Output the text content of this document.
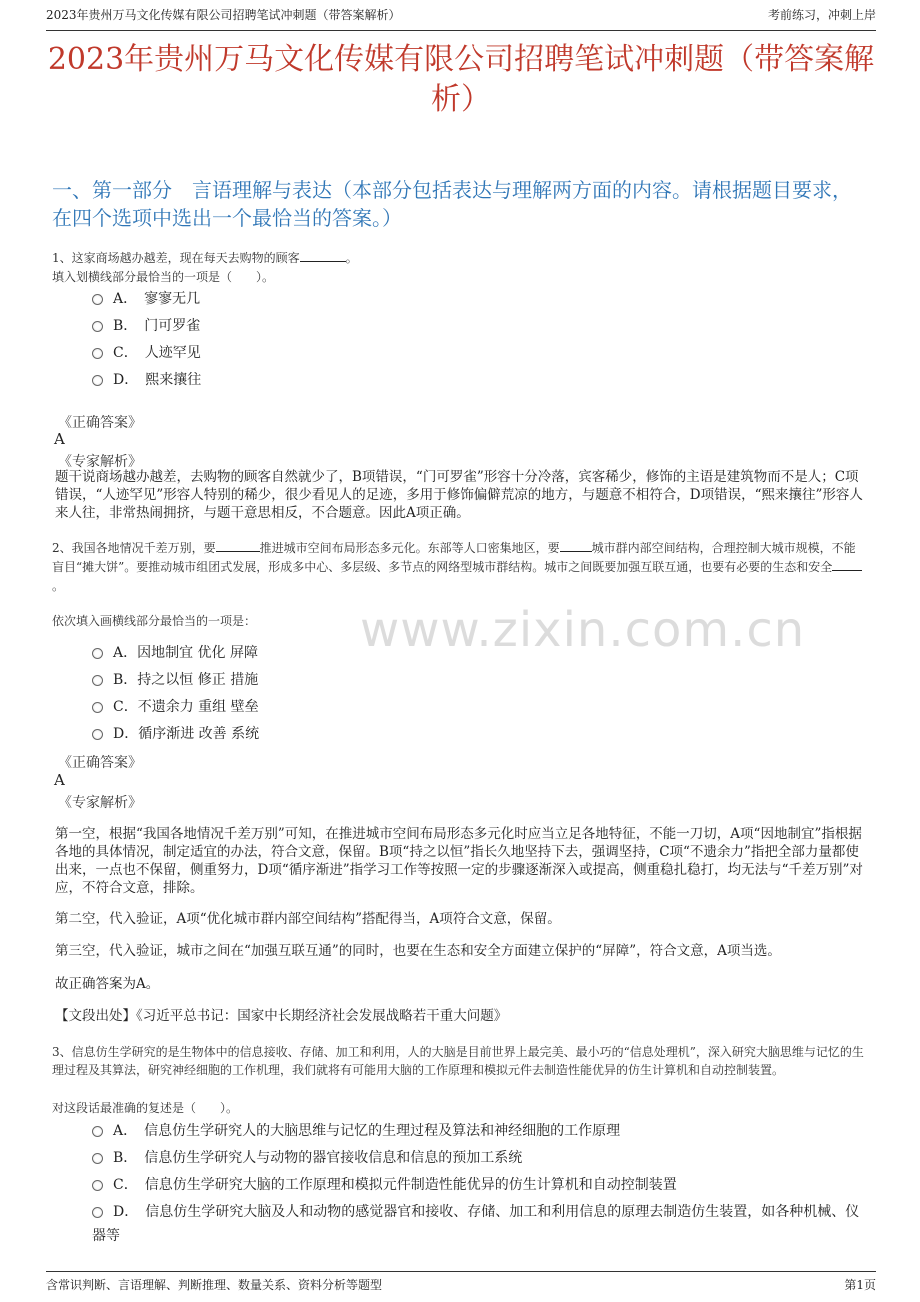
2023年贵州万马文化传媒有限公司招聘笔试冲刺题（带答案解析）	考前练习，冲刺上岸
2023年贵州万马文化传媒有限公司招聘笔试冲刺题（带答案解析）
一、第一部分　言语理解与表达（本部分包括表达与理解两方面的内容。请根据题目要求，在四个选项中选出一个最恰当的答案。）
1、这家商场越办越差，现在每天去购物的顾客	。
填入划横线部分最恰当的一项是（　　）。
A．　寥寥无几
B．　门可罗雀
C．　人迹罕见
D．　熙来攘往
《正确答案》
A
《专家解析》
题干说商场越办越差，去购物的顾客自然就少了，B项错误，“门可罗雀”形容十分冷落，宾客稀少，修饰的主语是建筑物而不是人；C项错误，“人迹罕见”形容人特别的稀少，很少看见人的足迹，多用于修饰偏僻荒凉的地方，与题意不相符合，D项错误，“熙来攘往”形容人来人往，非常热闹拥挤，与题干意思相反，不合题意。因此A项正确。
2、我国各地情况千差万别，要	推进城市空间布局形态多元化。东部等人口密集地区，要	城市群内部空间结构，合理控制大城市规模，不能盲目“摊大饼”。要推动城市组团式发展，形成多中心、多层级、多节点的网络型城市群结构。城市之间既要加强互联互通，也要有必要的生态和安全。
依次填入画横线部分最恰当的一项是：
A．因地制宜 优化 屏障
B．持之以恒 修正 措施
C．不遗余力 重组 壁垒
D．循序渐进 改善 系统
《正确答案》
A
《专家解析》
第一空，根据“我国各地情况千差万别”可知，在推进城市空间布局形态多元化时应当立足各地特征，不能一刀切，A项“因地制宜”指根据各地的具体情况，制定适宜的办法，符合文意，保留。B项“持之以恒”指长久地坚持下去，强调坚持，C项“不遗余力”指把全部力量都使出来，一点也不保留，侧重努力，D项“循序渐进”指学习工作等按照一定的步骤逐渐深入或提高，侧重稳扎稳打，均无法与“千差万别”对应，不符合文意，排除。
第二空，代入验证，A项“优化城市群内部空间结构”搭配得当，A项符合文意，保留。
第三空，代入验证，城市之间在“加强互联互通”的同时，也要在生态和安全方面建立保护的“屏障”，符合文意，A项当选。
故正确答案为A。
【文段出处】《习近平总书记：国家中长期经济社会发展战略若干重大问题》
3、信息仿生学研究的是生物体中的信息接收、存储、加工和利用，人的大脑是目前世界上最完美、最小巧的“信息处理机”，深入研究大脑思维与记忆的生理过程及其算法，研究神经细胞的工作机理，我们就将有可能用大脑的工作原理和模拟元件去制造性能优异的仿生计算机和自动控制装置。
对这段话最准确的复述是（　　）。
A．　信息仿生学研究人的大脑思维与记忆的生理过程及算法和神经细胞的工作原理
B．　信息仿生学研究人与动物的器官接收信息和信息的预加工系统
C．　信息仿生学研究大脑的工作原理和模拟元件制造性能优异的仿生计算机和自动控制装置
D．　信息仿生学研究大脑及人和动物的感觉器官和接收、存储、加工和利用信息的原理去制造仿生装置，如各种机械、仪器等
www.zixin.com.cn
含常识判断、言语理解、判断推理、数量关系、资料分析等题型	第1页
